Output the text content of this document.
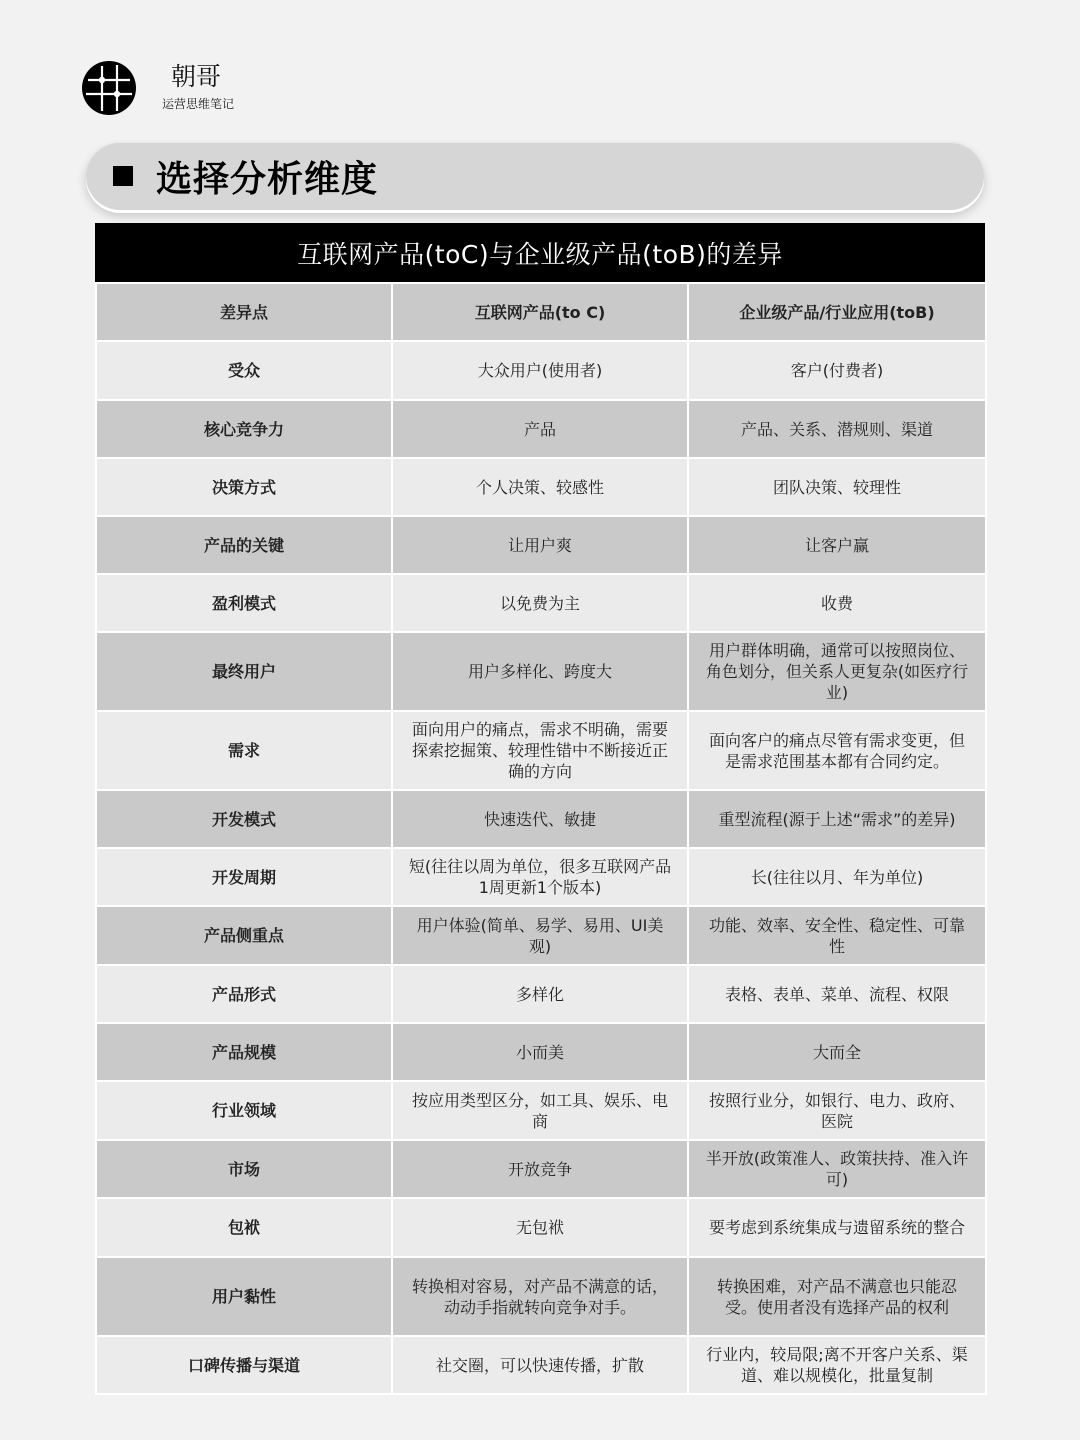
朝哥
运营思维笔记
选择分析维度
互联网产品(toC)与企业级产品(toB)的差异
差异点	互联网产品(to C)	企业级产品/行业应用(toB)
受众	大众用户(使用者)	客户(付费者)
核心竞争力	产品	产品、关系、潜规则、渠道
决策方式	个人决策、较感性	团队决策、较理性
产品的关键	让用户爽	让客户赢
盈利模式	以免费为主	收费
最终用户	用户多样化、跨度大	用户群体明确，通常可以按照岗位、角色划分，但关系人更复杂(如医疗行业)
需求	面向用户的痛点，需求不明确，需要探索挖掘策、较理性错中不断接近正确的方向	面向客户的痛点尽管有需求变更，但是需求范围基本都有合同约定。
开发模式	快速迭代、敏捷	重型流程(源于上述“需求”的差异)
开发周期	短(往往以周为单位，很多互联网产品1周更新1个版本)	长(往往以月、年为单位)
产品侧重点	用户体验(简单、易学、易用、UI美观)	功能、效率、安全性、稳定性、可靠性
产品形式	多样化	表格、表单、菜单、流程、权限
产品规模	小而美	大而全
行业领域	按应用类型区分，如工具、娱乐、电商	按照行业分，如银行、电力、政府、医院
市场	开放竞争	半开放(政策准人、政策扶持、准入许可)
包袱	无包袱	要考虑到系统集成与遗留系统的整合
用户黏性	转换相对容易，对产品不满意的话，动动手指就转向竞争对手。	转换困难，对产品不满意也只能忍受。使用者没有选择产品的权利
口碑传播与渠道	社交圈，可以快速传播，扩散	行业内，较局限;离不开客户关系、渠道、难以规模化，批量复制
